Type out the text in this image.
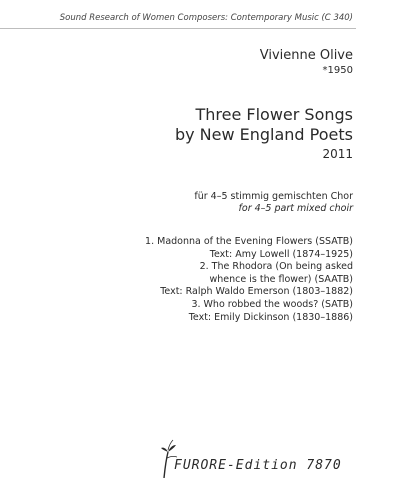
Sound Research of Women Composers: Contemporary Music (C 340)
Vivienne Olive
*1950
Three Flower Songs
by New England Poets
2011
für 4–5 stimmig gemischten Chor
for 4–5 part mixed choir
1. Madonna of the Evening Flowers (SSATB)
Text: Amy Lowell (1874–1925)
2. The Rhodora (On being asked
whence is the flower) (SAATB)
Text: Ralph Waldo Emerson (1803–1882)
3. Who robbed the woods? (SATB)
Text: Emily Dickinson (1830–1886)
FURORE-Edition 7870
